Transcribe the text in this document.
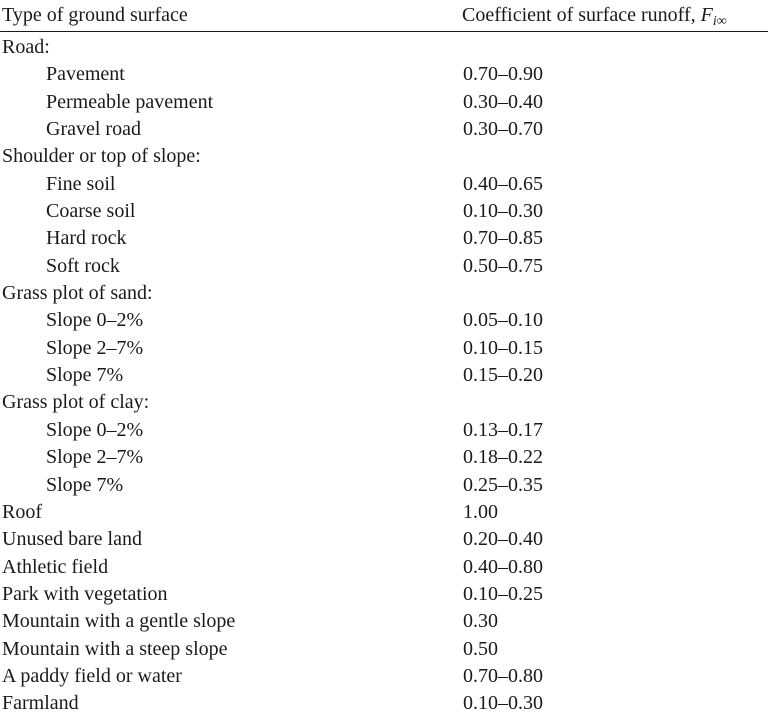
Type of ground surface	Coefficient of surface runoff, $F_{i\infty}$
Road:
Pavement	0.70–0.90
Permeable pavement	0.30–0.40
Gravel road	0.30–0.70
Shoulder or top of slope:
Fine soil	0.40–0.65
Coarse soil	0.10–0.30
Hard rock	0.70–0.85
Soft rock	0.50–0.75
Grass plot of sand:
Slope 0–2%	0.05–0.10
Slope 2–7%	0.10–0.15
Slope 7%	0.15–0.20
Grass plot of clay:
Slope 0–2%	0.13–0.17
Slope 2–7%	0.18–0.22
Slope 7%	0.25–0.35
Roof	1.00
Unused bare land	0.20–0.40
Athletic field	0.40–0.80
Park with vegetation	0.10–0.25
Mountain with a gentle slope	0.30
Mountain with a steep slope	0.50
A paddy field or water	0.70–0.80
Farmland	0.10–0.30
